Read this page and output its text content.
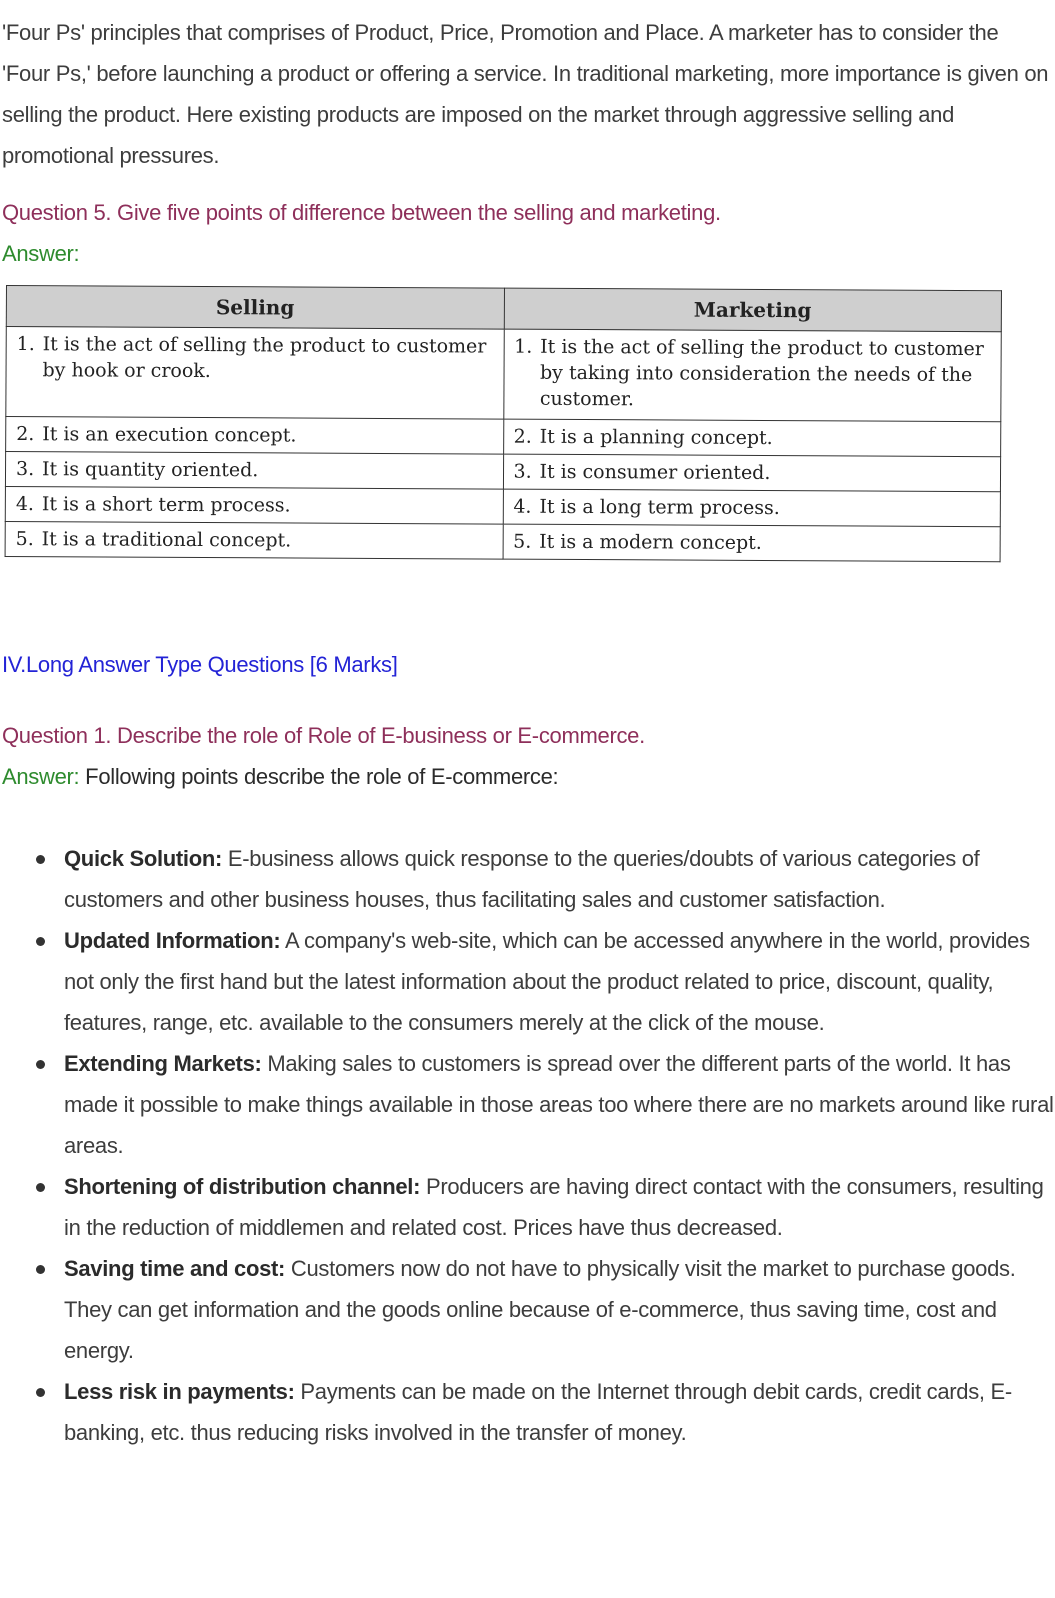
'Four Ps' principles that comprises of Product, Price, Promotion and Place. A marketer has to consider the 'Four Ps,' before launching a product or offering a service. In traditional marketing, more importance is given on selling the product. Here existing products are imposed on the market through aggressive selling and promotional pressures.

Question 5. Give five points of difference between the selling and marketing.
Answer:
Selling	Marketing
1. It is the act of selling the product to customer by hook or crook.	1. It is the act of selling the product to customer by taking into consideration the needs of the customer.
2. It is an execution concept.	2. It is a planning concept.
3. It is quantity oriented.	3. It is consumer oriented.
4. It is a short term process.	4. It is a long term process.
5. It is a traditional concept.	5. It is a modern concept.
IV.Long Answer Type Questions [6 Marks]
Question 1. Describe the role of Role of E-business or E-commerce.
Answer: Following points describe the role of E-commerce:
Quick Solution: E-business allows quick response to the queries/doubts of various categories of customers and other business houses, thus facilitating sales and customer satisfaction.
Updated Information: A company's web-site, which can be accessed anywhere in the world, provides not only the first hand but the latest information about the product related to price, discount, quality, features, range, etc. available to the consumers merely at the click of the mouse.
Extending Markets: Making sales to customers is spread over the different parts of the world. It has made it possible to make things available in those areas too where there are no markets around like rural areas.
Shortening of distribution channel: Producers are having direct contact with the consumers, resulting in the reduction of middlemen and related cost. Prices have thus decreased.
Saving time and cost: Customers now do not have to physically visit the market to purchase goods. They can get information and the goods online because of e-commerce, thus saving time, cost and energy.
Less risk in payments: Payments can be made on the Internet through debit cards, credit cards, E-banking, etc. thus reducing risks involved in the transfer of money.
